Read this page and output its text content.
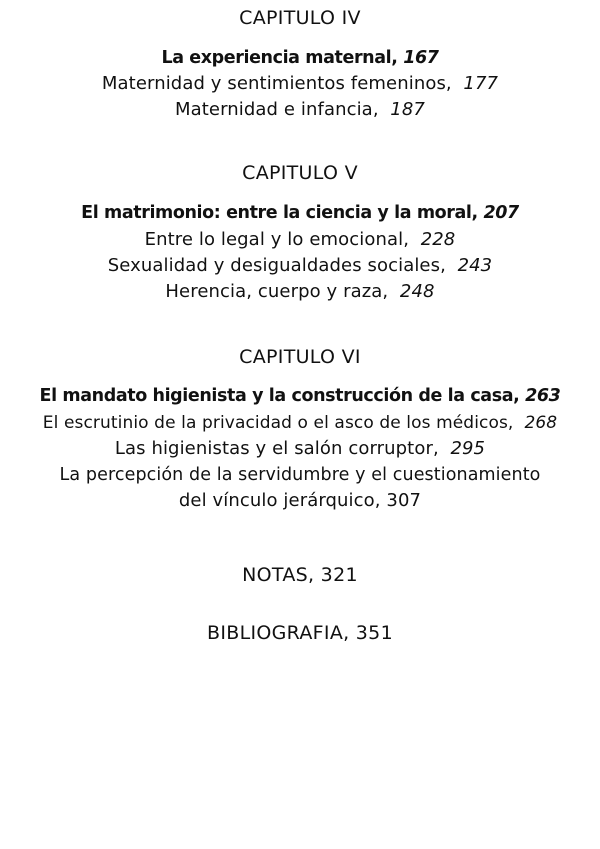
CAPITULO IV
La experiencia maternal, 167
Maternidad y sentimientos femeninos, 177
Maternidad e infancia, 187
CAPITULO V
El matrimonio: entre la ciencia y la moral, 207
Entre lo legal y lo emocional, 228
Sexualidad y desigualdades sociales, 243
Herencia, cuerpo y raza, 248
CAPITULO VI
El mandato higienista y la construcción de la casa, 263
El escrutinio de la privacidad o el asco de los médicos, 268
Las higienistas y el salón corruptor, 295
La percepción de la servidumbre y el cuestionamiento
del vínculo jerárquico, 307
NOTAS, 321
BIBLIOGRAFIA, 351
